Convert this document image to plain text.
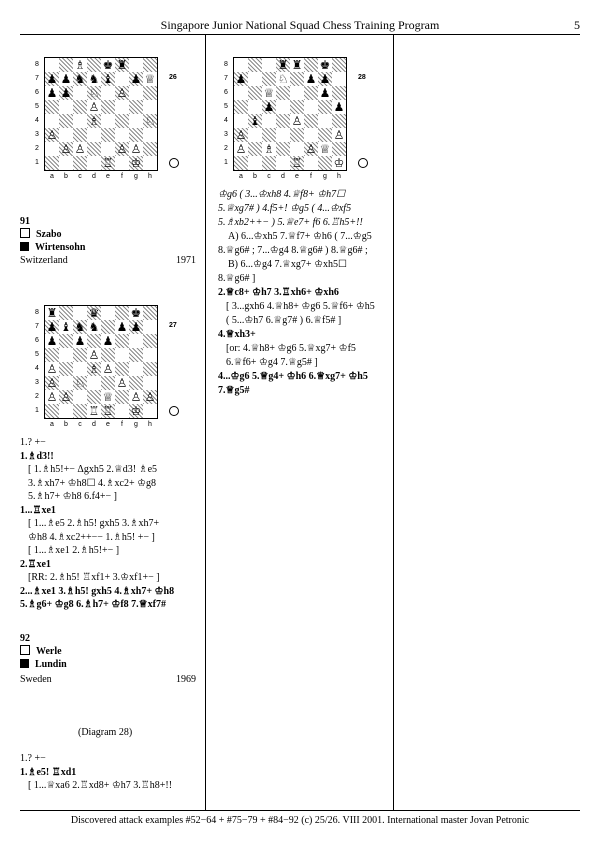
Singapore Junior National Squad Chess Training Program	5
♗ ♚ ♜
♟ ♟ ♞ ♞ ♝ ♟ ♕
♟ ♟ ♘ ♙
♙
♘
♙
♗
♙ ♙	♙ ♙
♖ ♔
8
7
6
5
4
3
2
1
a	b	c	d	e	f	g	h
26
♜	♛	♚
♟ ♝ ♞ ♞ ♟ ♟
♟ ♟ ♟
♙
♙	♗ ♙
♙ ♘	♙
♙ ♙	♕ ♙ ♙
♖ ♖ ♔
8
7
6
5
4
3
2
1
a	b	c	d	e	f	g	h
27
♜ ♜ ♚
♟	♘ ♟ ♟
♕	♟
♟	♟
♝	♙
♙	♙
♙ ♗	♙ ♕
♖	♔
8
7
6
5
4
3
2
1
a	b	c	d	e	f	g	h
28
91
Szabo
Wirtensohn
Switzerland	1971
1.? +−
1.♗d3!!
[ 1.♗h5!+− Δgxh5 2.♕d3! ♗e5
3.♗xh7+ ♔h8☐ 4.♗xc2+ ♔g8
5.♗h7+ ♔h8 6.f4+− ]
1...♖xe1
[ 1...♗e5 2.♗h5! gxh5 3.♗xh7+
♔h8 4.♗xc2++−− 1.♗h5! +− ]
[ 1...♗xe1 2.♗h5!+− ]
2.♖xe1
[RR: 2.♗h5! ♖xf1+ 3.♔xf1+− ]
2...♗xe1 3.♗h5! gxh5 4.♗xh7+ ♔h8
5.♗g6+ ♔g8 6.♗h7+ ♔f8 7.♕xf7#
92
Werle
Lundin
Sweden	1969
(Diagram 28)
1.? +−
1.♗e5! ♖xd1
[ 1...♕xa6 2.♖xd8+ ♔h7 3.♖h8+!!
♔g6 ( 3...♔xh8 4.♕f8+ ♔h7☐
5.♕xg7# ) 4.f5+! ♔g5 ( 4...♔xf5
5.♗xb2++− ) 5.♕e7+ f6 6.♖h5+!!
A) 6...♔xh5 7.♕f7+ ♔h6 ( 7...♔g5
8.♕g6# ; 7...♔g4 8.♕g6# ) 8.♕g6# ;
B) 6...♔g4 7.♕xg7+ ♔xh5☐
8.♕g6# ]
2.♕c8+ ♔h7 3.♖xh6+ ♔xh6
[ 3...gxh6 4.♕h8+ ♔g6 5.♕f6+ ♔h5
( 5...♔h7 6.♕g7# ) 6.♕f5# ]
4.♕xh3+
[or: 4.♕h8+ ♔g6 5.♕xg7+ ♔f5
6.♕f6+ ♔g4 7.♕g5# ]
4...♔g6 5.♕g4+ ♔h6 6.♕xg7+ ♔h5
7.♕g5#
Discovered attack examples #52−64 + #75−79 + #84−92 (c) 25/26. VIII 2001. International master Jovan Petronic
